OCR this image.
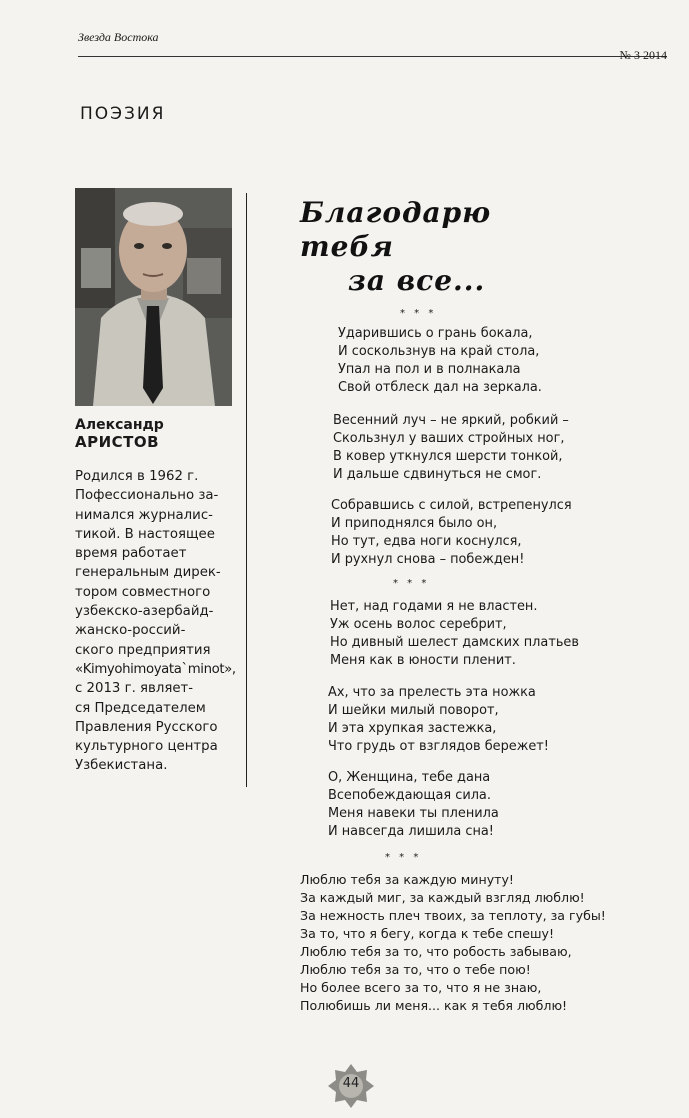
Звезда Востока
№ 3 2014
ПОЭЗИЯ
Александр
АРИСТОВ
Родился в 1962 г.
Пофессионально за-
нимался журналис-
тикой. В настоящее
время работает
генеральным дирек-
тором совместного
узбекско-азербайд-
жанско-россий-
ского предприятия
«Kimyohimoyata`minot»,
с 2013 г. являет-
ся Председателем
Правления Русского
культурного центра
Узбекистана.
Благодарю тебя
за все...
* * *
Ударившись о грань бокала,
И соскользнув на край стола,
Упал на пол и в полнакала
Свой отблеск дал на зеркала.
Весенний луч – не яркий, робкий –
Скользнул у ваших стройных ног,
В ковер уткнулся шерсти тонкой,
И дальше сдвинуться не смог.
Собравшись с силой, встрепенулся
И приподнялся было он,
Но тут, едва ноги коснулся,
И рухнул снова – побежден!
* * *
Нет, над годами я не властен.
Уж осень волос серебрит,
Но дивный шелест дамских платьев
Меня как в юности пленит.
Ах, что за прелесть эта ножка
И шейки милый поворот,
И эта хрупкая застежка,
Что грудь от взглядов бережет!
О, Женщина, тебе дана
Всепобеждающая сила.
Меня навеки ты пленила
И навсегда лишила сна!
* * *
Люблю тебя за каждую минуту!
За каждый миг, за каждый взгляд люблю!
За нежность плеч твоих, за теплоту, за губы!
За то, что я бегу, когда к тебе спешу!
Люблю тебя за то, что робость забываю,
Люблю тебя за то, что о тебе пою!
Но более всего за то, что я не знаю,
Полюбишь ли меня... как я тебя люблю!
44
